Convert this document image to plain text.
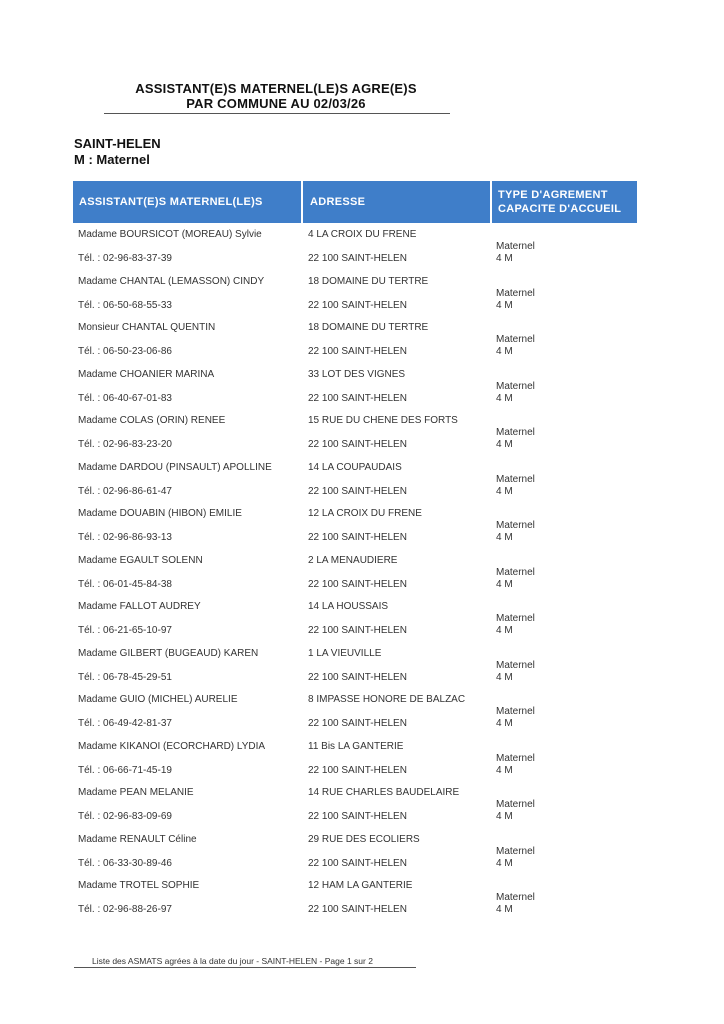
ASSISTANT(E)S MATERNEL(LE)S AGRE(E)S
PAR COMMUNE AU 02/03/26
SAINT-HELEN
M : Maternel
ASSISTANT(E)S MATERNEL(LE)S	ADRESSE
TYPE D'AGREMENT
CAPACITE D'ACCUEIL
Madame BOURSICOT (MOREAU) Sylvie
Tél. : 02-96-83-37-39
4 LA CROIX DU FRENE
22 100 SAINT-HELEN
Maternel
4 M
Madame CHANTAL (LEMASSON) CINDY
Tél. : 06-50-68-55-33
18 DOMAINE DU TERTRE
22 100 SAINT-HELEN
Maternel
4 M
Monsieur CHANTAL QUENTIN
Tél. : 06-50-23-06-86
18 DOMAINE DU TERTRE
22 100 SAINT-HELEN
Maternel
4 M
Madame CHOANIER MARINA
Tél. : 06-40-67-01-83
33 LOT DES VIGNES
22 100 SAINT-HELEN
Maternel
4 M
Madame COLAS (ORIN) RENEE
Tél. : 02-96-83-23-20
15 RUE DU CHENE DES FORTS
22 100 SAINT-HELEN
Maternel
4 M
Madame DARDOU (PINSAULT) APOLLINE
Tél. : 02-96-86-61-47
14 LA COUPAUDAIS
22 100 SAINT-HELEN
Maternel
4 M
Madame DOUABIN (HIBON) EMILIE
Tél. : 02-96-86-93-13
12 LA CROIX DU FRENE
22 100 SAINT-HELEN
Maternel
4 M
Madame EGAULT SOLENN
Tél. : 06-01-45-84-38
2 LA MENAUDIERE
22 100 SAINT-HELEN
Maternel
4 M
Madame FALLOT AUDREY
Tél. : 06-21-65-10-97
14 LA HOUSSAIS
22 100 SAINT-HELEN
Maternel
4 M
Madame GILBERT (BUGEAUD) KAREN
Tél. : 06-78-45-29-51
1 LA VIEUVILLE
22 100 SAINT-HELEN
Maternel
4 M
Madame GUIO (MICHEL) AURELIE
Tél. : 06-49-42-81-37
8 IMPASSE HONORE DE BALZAC
22 100 SAINT-HELEN
Maternel
4 M
Madame KIKANOI (ECORCHARD) LYDIA
Tél. : 06-66-71-45-19
11 Bis LA GANTERIE
22 100 SAINT-HELEN
Maternel
4 M
Madame PEAN MELANIE
Tél. : 02-96-83-09-69
14 RUE CHARLES BAUDELAIRE
22 100 SAINT-HELEN
Maternel
4 M
Madame RENAULT Céline
Tél. : 06-33-30-89-46
29 RUE DES ECOLIERS
22 100 SAINT-HELEN
Maternel
4 M
Madame TROTEL SOPHIE
Tél. : 02-96-88-26-97
12 HAM LA GANTERIE
22 100 SAINT-HELEN
Maternel
4 M
Liste des ASMATS agrées à la date du jour - SAINT-HELEN - Page 1 sur 2
